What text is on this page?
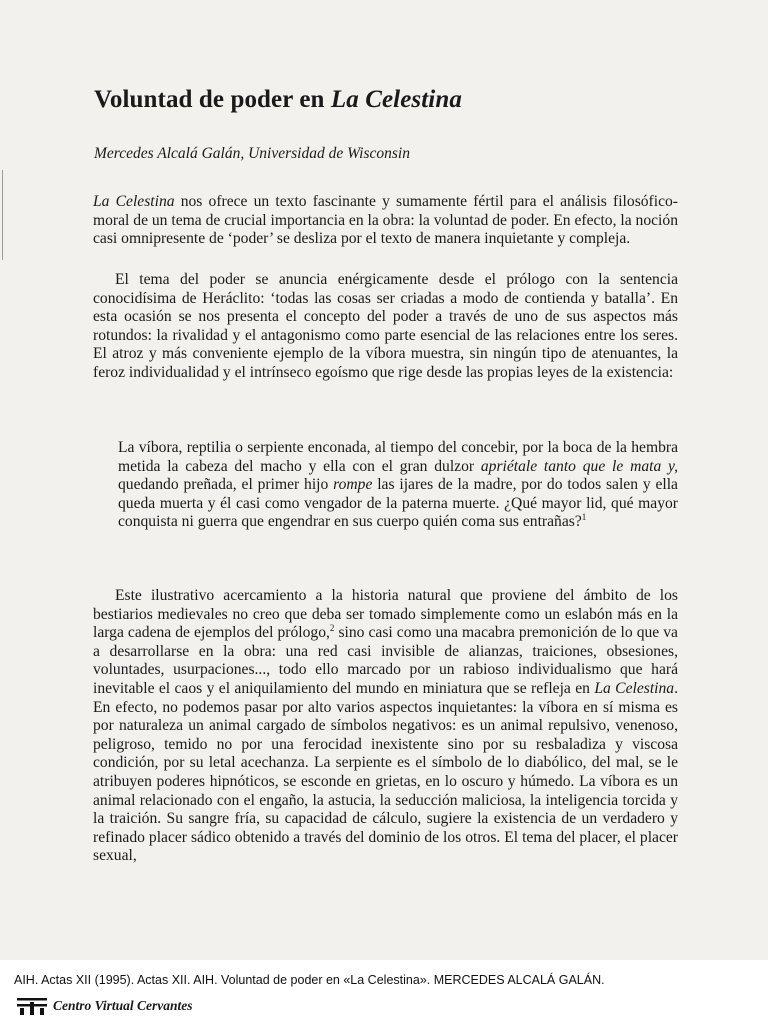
Voluntad de poder en La Celestina

Mercedes Alcalá Galán, Universidad de Wisconsin

La Celestina nos ofrece un texto fascinante y sumamente fértil para el análisis filosófico-moral de un tema de crucial importancia en la obra: la voluntad de poder. En efecto, la noción casi omnipresente de ‘poder’ se desliza por el texto de manera inquietante y compleja.

El tema del poder se anuncia enérgicamente desde el prólogo con la sentencia conocidísima de Heráclito: ‘todas las cosas ser criadas a modo de contienda y batalla’. En esta ocasión se nos presenta el concepto del poder a través de uno de sus aspectos más rotundos: la rivalidad y el antagonismo como parte esencial de las relaciones entre los seres. El atroz y más conveniente ejemplo de la víbora muestra, sin ningún tipo de atenuantes, la feroz individualidad y el intrínseco egoísmo que rige desde las propias leyes de la existencia:

La víbora, reptilia o serpiente enconada, al tiempo del concebir, por la boca de la hembra metida la cabeza del macho y ella con el gran dulzor apriétale tanto que le mata y, quedando preñada, el primer hijo rompe las ijares de la madre, por do todos salen y ella queda muerta y él casi como vengador de la paterna muerte. ¿Qué mayor lid, qué mayor conquista ni guerra que engendrar en sus cuerpo quién coma sus entrañas?$^1$

Este ilustrativo acercamiento a la historia natural que proviene del ámbito de los bestiarios medievales no creo que deba ser tomado simplemente como un eslabón más en la larga cadena de ejemplos del prólogo,$^2$ sino casi como una macabra premonición de lo que va a desarrollarse en la obra: una red casi invisible de alianzas, traiciones, obsesiones, voluntades, usurpaciones..., todo ello marcado por un rabioso individualismo que hará inevitable el caos y el aniquilamiento del mundo en miniatura que se refleja en La Celestina. En efecto, no podemos pasar por alto varios aspectos inquietantes: la víbora en sí misma es por naturaleza un animal cargado de símbolos negativos: es un animal repulsivo, venenoso, peligroso, temido no por una ferocidad inexistente sino por su resbaladiza y viscosa condición, por su letal acechanza. La serpiente es el símbolo de lo diabólico, del mal, se le atribuyen poderes hipnóticos, se esconde en grietas, en lo oscuro y húmedo. La víbora es un animal relacionado con el engaño, la astucia, la seducción maliciosa, la inteligencia torcida y la traición. Su sangre fría, su capacidad de cálculo, sugiere la existencia de un verdadero y refinado placer sádico obtenido a través del dominio de los otros. El tema del placer, el placer sexual,

AIH. Actas XII (1995). Actas XII. AIH. Voluntad de poder en «La Celestina». MERCEDES ALCALÁ GALÁN.

Centro Virtual Cervantes
